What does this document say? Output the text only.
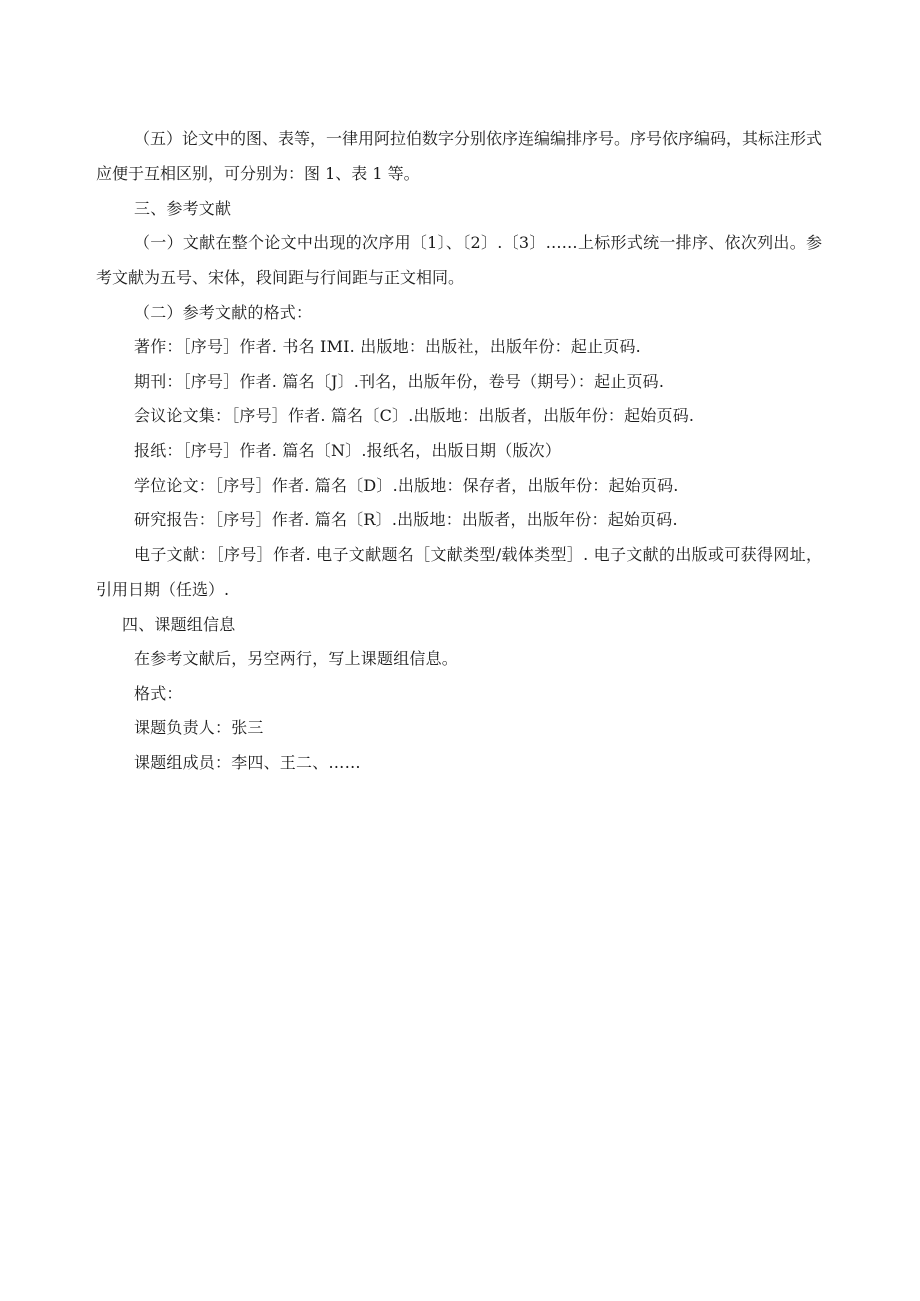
（五）论文中的图、表等，一律用阿拉伯数字分别依序连编编排序号。序号依序编码，其标注形式应便于互相区别，可分别为：图 1、表 1 等。

三、参考文献

（一）文献在整个论文中出现的次序用〔1〕、〔2〕.〔3〕……上标形式统一排序、依次列出。参考文献为五号、宋体，段间距与行间距与正文相同。

（二）参考文献的格式：
著作：［序号］作者. 书名 IMI. 出版地：出版社，出版年份：起止页码.
期刊：［序号］作者. 篇名〔J〕.刊名，出版年份，卷号（期号）：起止页码.
会议论文集：［序号］作者. 篇名〔C〕.出版地：出版者，出版年份：起始页码.
报纸：［序号］作者. 篇名〔N〕.报纸名，出版日期（版次）
学位论文：［序号］作者. 篇名〔D〕.出版地：保存者，出版年份：起始页码.
研究报告：［序号］作者. 篇名〔R〕.出版地：出版者，出版年份：起始页码.

电子文献：［序号］作者. 电子文献题名［文献类型/载体类型］. 电子文献的出版或可获得网址，引用日期（任选）.

四、课题组信息
在参考文献后，另空两行，写上课题组信息。
格式：
课题负责人：张三
课题组成员：李四、王二、……
